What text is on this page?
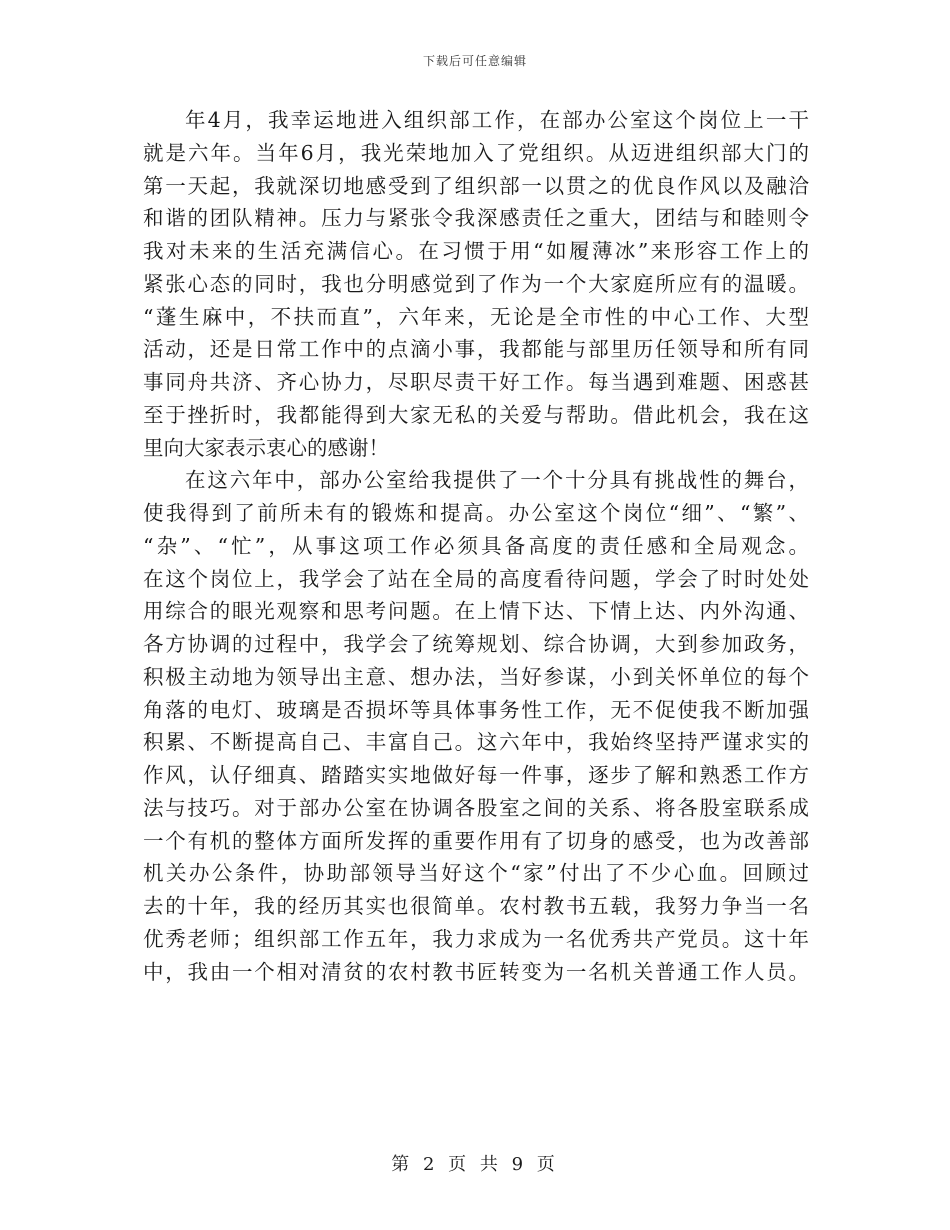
下载后可任意编辑
年4月，我幸运地进入组织部工作，在部办公室这个岗位上一干
就是六年。当年6月，我光荣地加入了党组织。从迈进组织部大门的
第一天起，我就深切地感受到了组织部一以贯之的优良作风以及融洽
和谐的团队精神。压力与紧张令我深感责任之重大，团结与和睦则令
我对未来的生活充满信心。在习惯于用“如履薄冰”来形容工作上的
紧张心态的同时，我也分明感觉到了作为一个大家庭所应有的温暖。
“蓬生麻中，不扶而直”，六年来，无论是全市性的中心工作、大型
活动，还是日常工作中的点滴小事，我都能与部里历任领导和所有同
事同舟共济、齐心协力，尽职尽责干好工作。每当遇到难题、困惑甚
至于挫折时，我都能得到大家无私的关爱与帮助。借此机会，我在这
里向大家表示衷心的感谢！
在这六年中，部办公室给我提供了一个十分具有挑战性的舞台，
使我得到了前所未有的锻炼和提高。办公室这个岗位“细”、“繁”、
“杂”、“忙”，从事这项工作必须具备高度的责任感和全局观念。
在这个岗位上，我学会了站在全局的高度看待问题，学会了时时处处
用综合的眼光观察和思考问题。在上情下达、下情上达、内外沟通、
各方协调的过程中，我学会了统筹规划、综合协调，大到参加政务，
积极主动地为领导出主意、想办法，当好参谋，小到关怀单位的每个
角落的电灯、玻璃是否损坏等具体事务性工作，无不促使我不断加强
积累、不断提高自己、丰富自己。这六年中，我始终坚持严谨求实的
作风，认仔细真、踏踏实实地做好每一件事，逐步了解和熟悉工作方
法与技巧。对于部办公室在协调各股室之间的关系、将各股室联系成
一个有机的整体方面所发挥的重要作用有了切身的感受，也为改善部
机关办公条件，协助部领导当好这个“家”付出了不少心血。回顾过
去的十年，我的经历其实也很简单。农村教书五载，我努力争当一名
优秀老师；组织部工作五年，我力求成为一名优秀共产党员。这十年
中，我由一个相对清贫的农村教书匠转变为一名机关普通工作人员。
第 2 页 共 9 页
